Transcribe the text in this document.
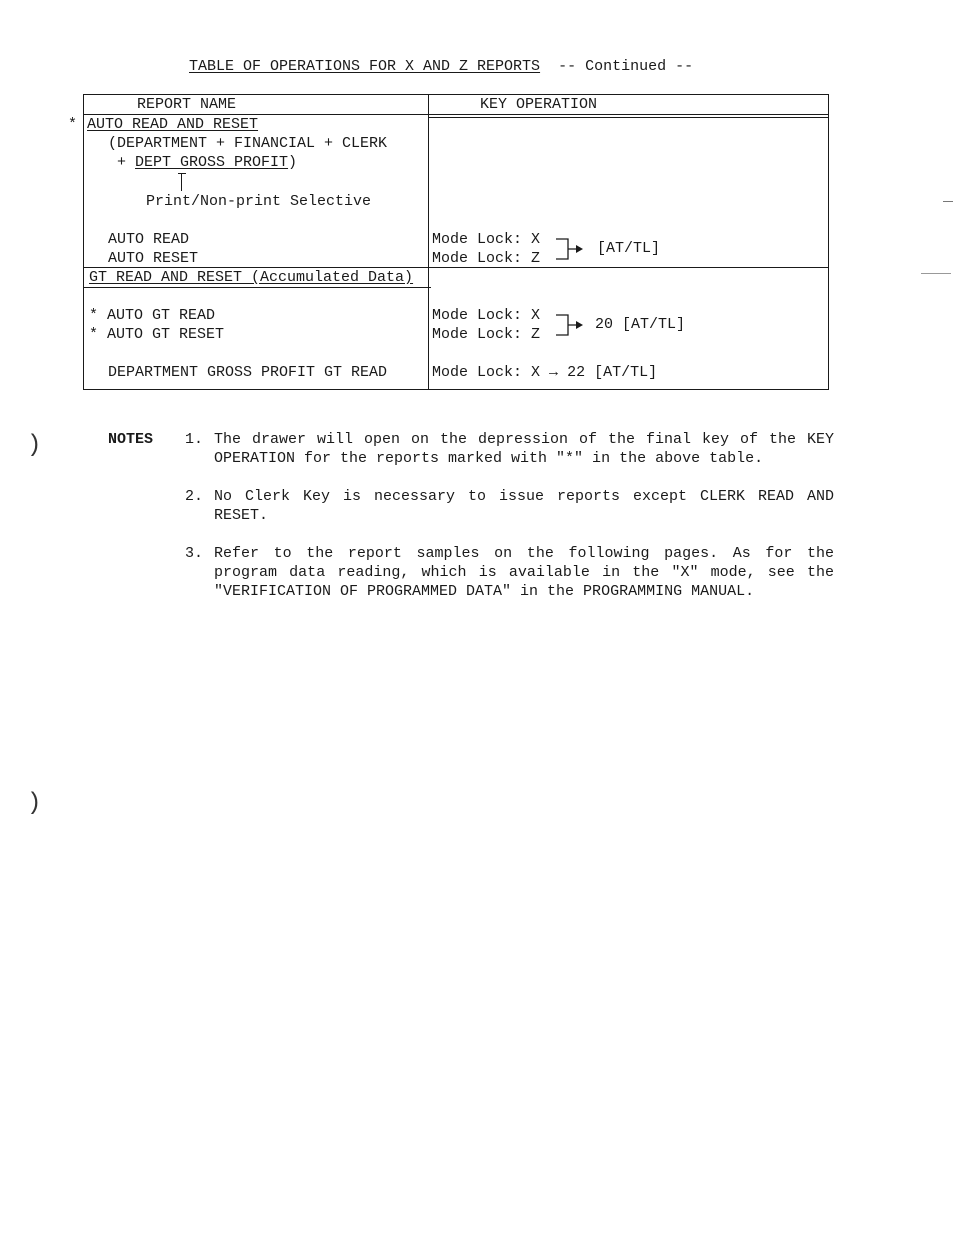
TABLE OF OPERATIONS FOR X AND Z REPORTS -- Continued --
REPORT NAME	KEY OPERATION
* AUTO READ AND RESET
(DEPARTMENT + FINANCIAL + CLERK
+ DEPT GROSS PROFIT)
Print/Non-print Selective
AUTO READ
AUTO RESET
Mode Lock: X
Mode Lock: Z
[AT/TL]
GT READ AND RESET (Accumulated Data)
* AUTO GT READ
* AUTO GT RESET
Mode Lock: X
Mode Lock: Z
20 [AT/TL]
DEPARTMENT GROSS PROFIT GT READ	Mode Lock: X → 22 [AT/TL]
NOTES 1. The drawer will open on the depression of the final key of the KEY OPERATION for the reports marked with "*" in the above table.
2. No Clerk Key is necessary to issue reports except CLERK READ AND RESET.
3. Refer to the report samples on the following pages. As for the program data reading, which is available in the "X" mode, see the "VERIFICATION OF PROGRAMMED DATA" in the PROGRAMMING MANUAL.
)
)
